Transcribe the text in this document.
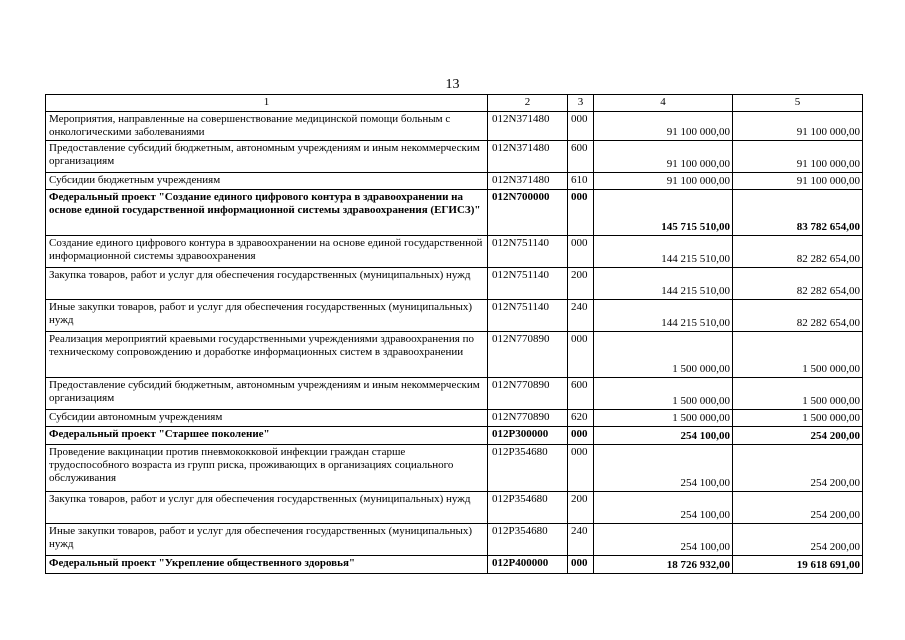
13
1	2	3	4	5
Мероприятия, направленные на совершенствование медицинской помощи больным с онкологическими заболеваниями	012N371480	000	91 100 000,00	91 100 000,00
Предоставление субсидий бюджетным, автономным учреждениям и иным некоммерческим организациям	012N371480	600	91 100 000,00	91 100 000,00
Субсидии бюджетным учреждениям	012N371480	610	91 100 000,00	91 100 000,00
Федеральный проект "Создание единого цифрового контура в здравоохранении на основе единой государственной информационной системы здравоохранения (ЕГИСЗ)"	012N700000	000	145 715 510,00	83 782 654,00
Создание единого цифрового контура в здравоохранении на основе единой государственной информационной системы здравоохранения	012N751140	000	144 215 510,00	82 282 654,00
Закупка товаров, работ и услуг для обеспечения государственных (муниципальных) нужд	012N751140	200	144 215 510,00	82 282 654,00
Иные закупки товаров, работ и услуг для обеспечения государственных (муниципальных) нужд	012N751140	240	144 215 510,00	82 282 654,00
Реализация мероприятий краевыми государственными учреждениями здравоохранения по техническому сопровождению и доработке информационных систем в здравоохранении	012N770890	000	1 500 000,00	1 500 000,00
Предоставление субсидий бюджетным, автономным учреждениям и иным некоммерческим организациям	012N770890	600	1 500 000,00	1 500 000,00
Субсидии автономным учреждениям	012N770890	620	1 500 000,00	1 500 000,00
Федеральный проект "Старшее поколение"	012P300000	000	254 100,00	254 200,00
Проведение вакцинации против пневмококковой инфекции граждан старше трудоспособного возраста из групп риска, проживающих в организациях социального обслуживания	012P354680	000	254 100,00	254 200,00
Закупка товаров, работ и услуг для обеспечения государственных (муниципальных) нужд	012P354680	200	254 100,00	254 200,00
Иные закупки товаров, работ и услуг для обеспечения государственных (муниципальных) нужд	012P354680	240	254 100,00	254 200,00
Федеральный проект "Укрепление общественного здоровья"	012P400000	000	18 726 932,00	19 618 691,00
